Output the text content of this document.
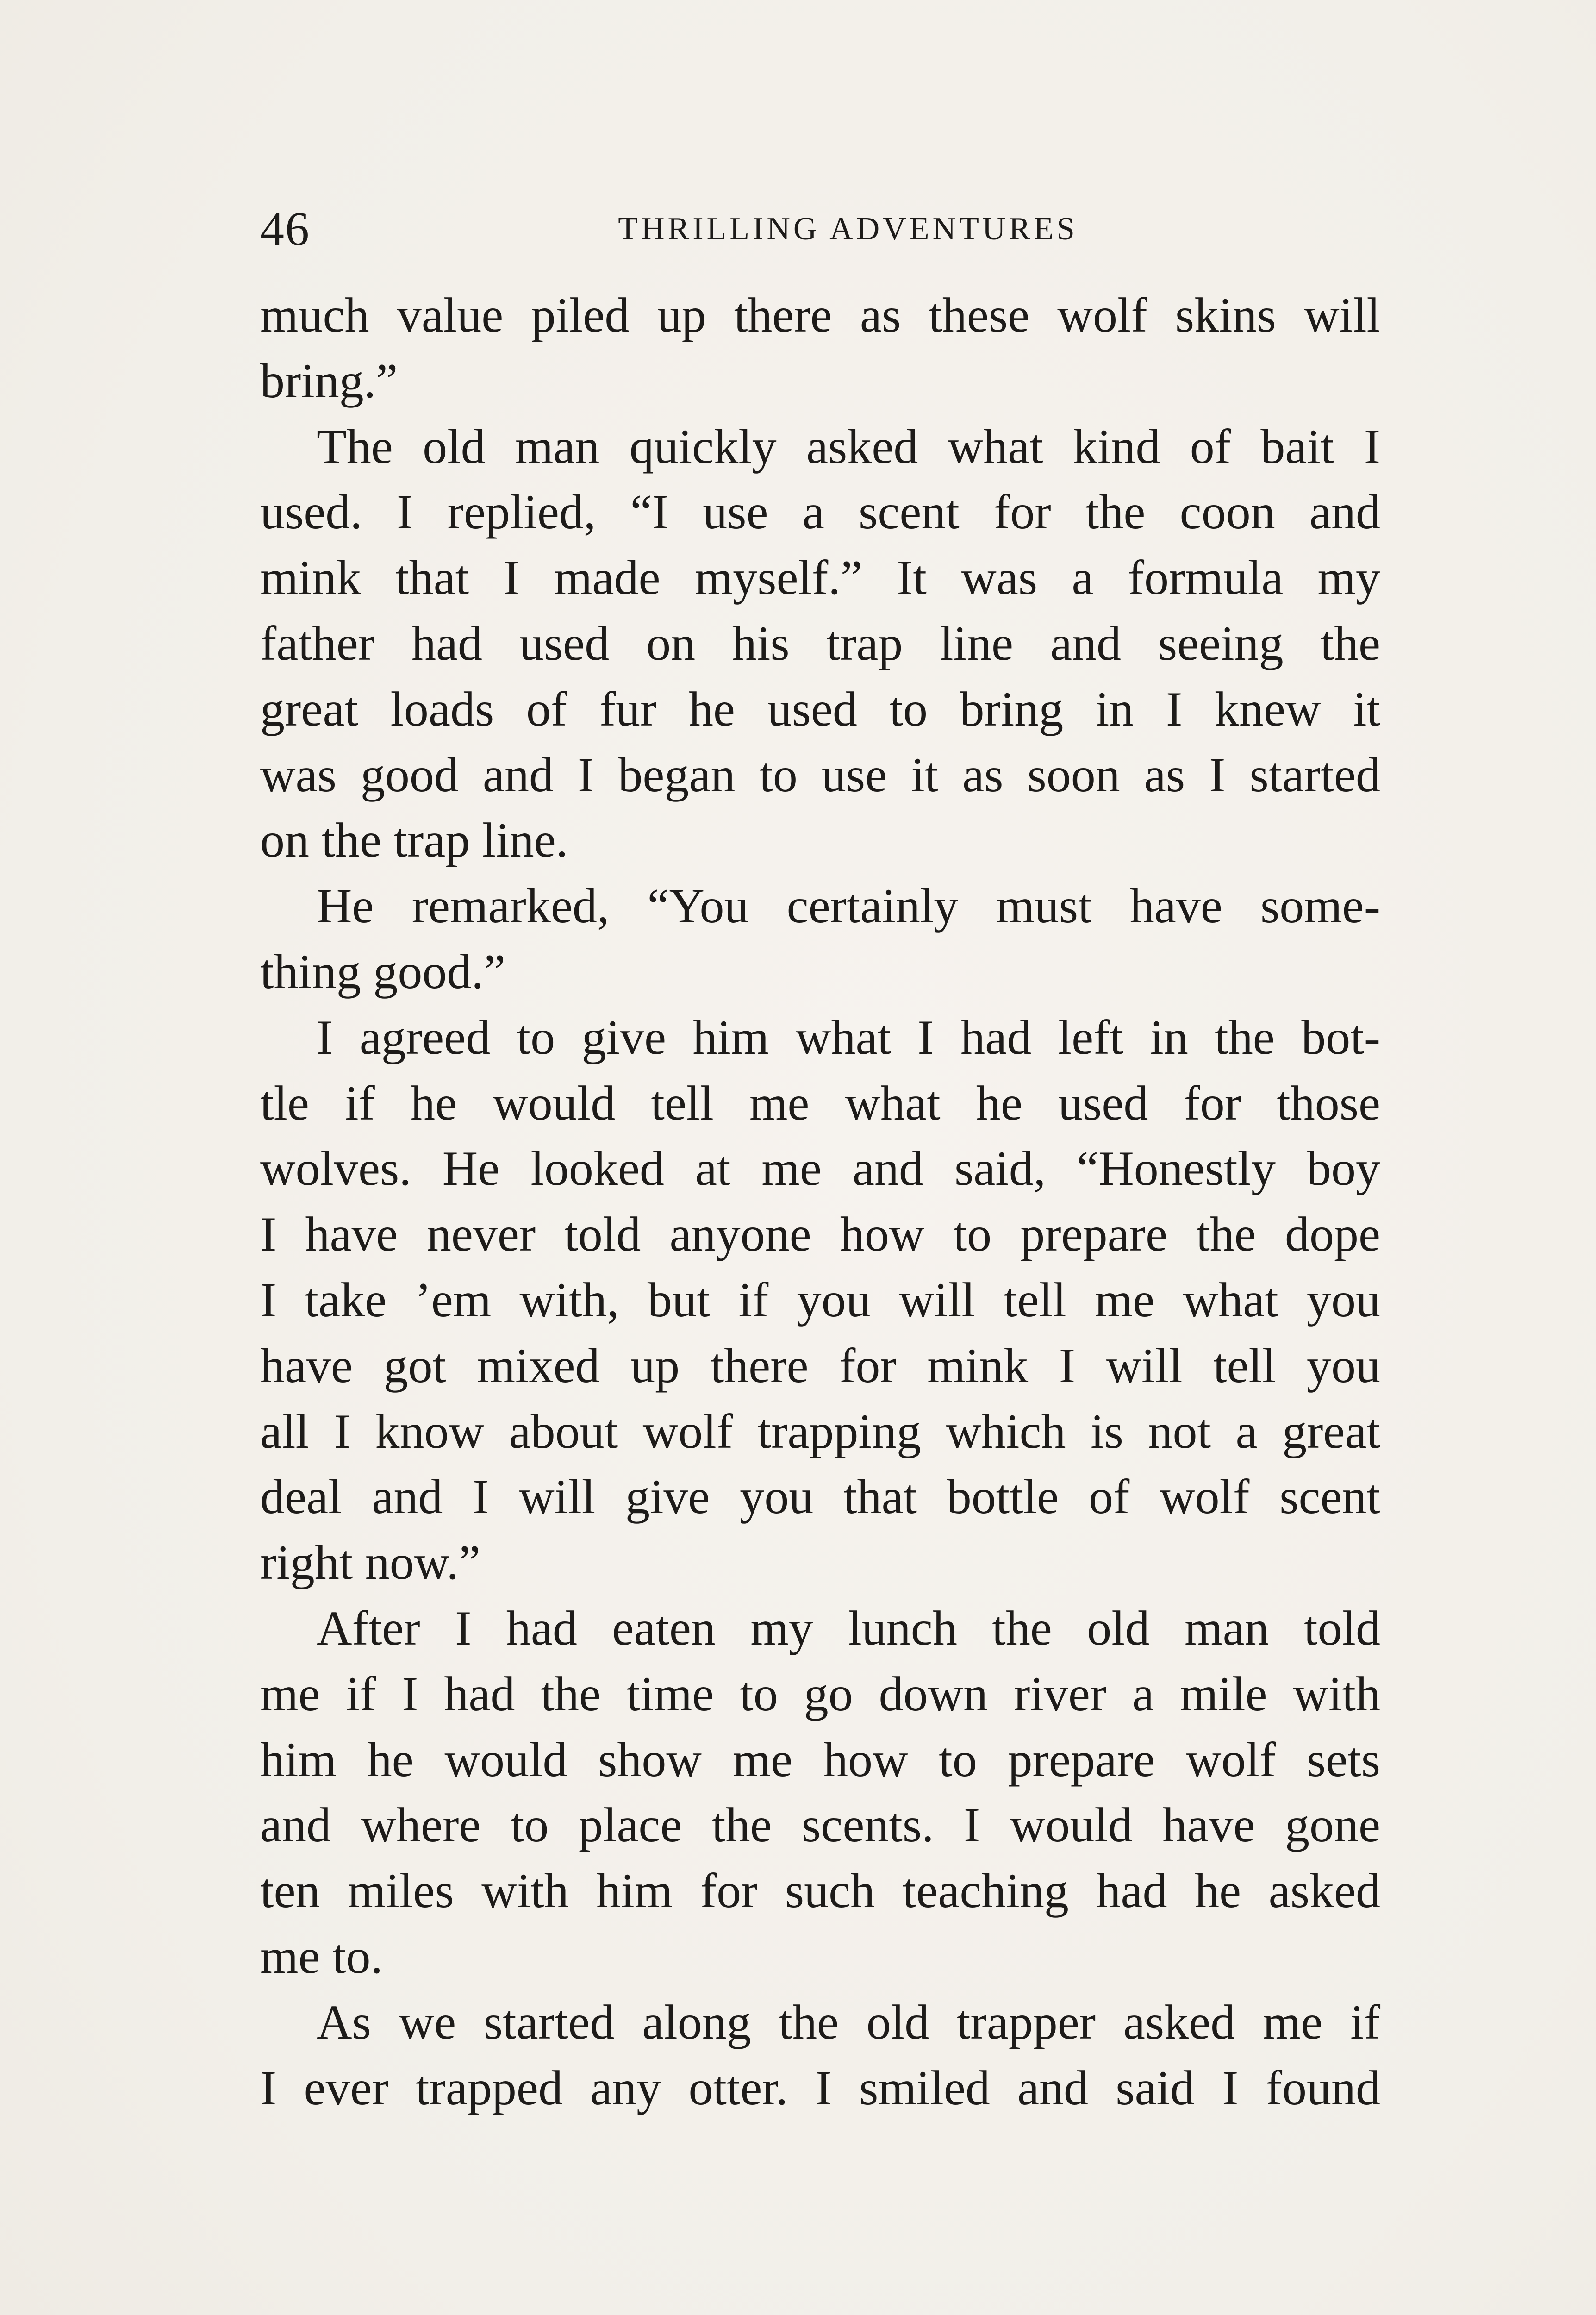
46	THRILLING ADVENTURES
much value piled up there as these wolf skins will
bring.”
The old man quickly asked what kind of bait I
used. I replied, “I use a scent for the coon and
mink that I made myself.” It was a formula my
father had used on his trap line and seeing the
great loads of fur he used to bring in I knew it
was good and I began to use it as soon as I started
on the trap line.
He remarked, “You certainly must have some-
thing good.”
I agreed to give him what I had left in the bot-
tle if he would tell me what he used for those
wolves. He looked at me and said, “Honestly boy
I have never told anyone how to prepare the dope
I take ’em with, but if you will tell me what you
have got mixed up there for mink I will tell you
all I know about wolf trapping which is not a great
deal and I will give you that bottle of wolf scent
right now.”
After I had eaten my lunch the old man told
me if I had the time to go down river a mile with
him he would show me how to prepare wolf sets
and where to place the scents. I would have gone
ten miles with him for such teaching had he asked
me to.
As we started along the old trapper asked me if
I ever trapped any otter. I smiled and said I found
